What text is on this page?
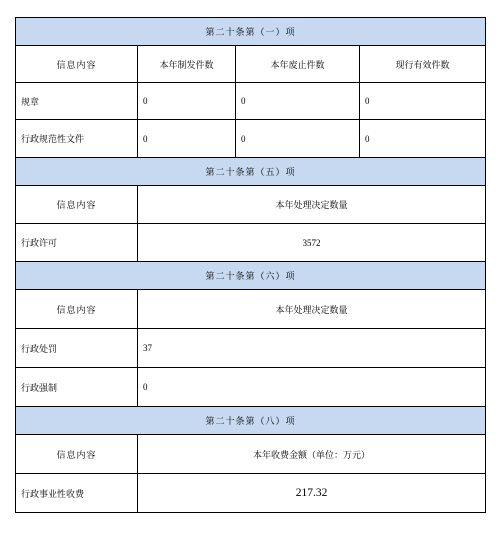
第二十条第（一）项			
信息内容	本年制发件数	本年废止件数	现行有效件数
规章	0	0	0
行政规范性文件	0	0	0
第二十条第（五）项			
信息内容	本年处理决定数量		
行政许可	3572		
第二十条第（六）项			
信息内容	本年处理决定数量		
行政处罚	37		
行政强制	0		
第二十条第（八）项			
信息内容	本年收费金额（单位：万元）		
行政事业性收费	217.32		
